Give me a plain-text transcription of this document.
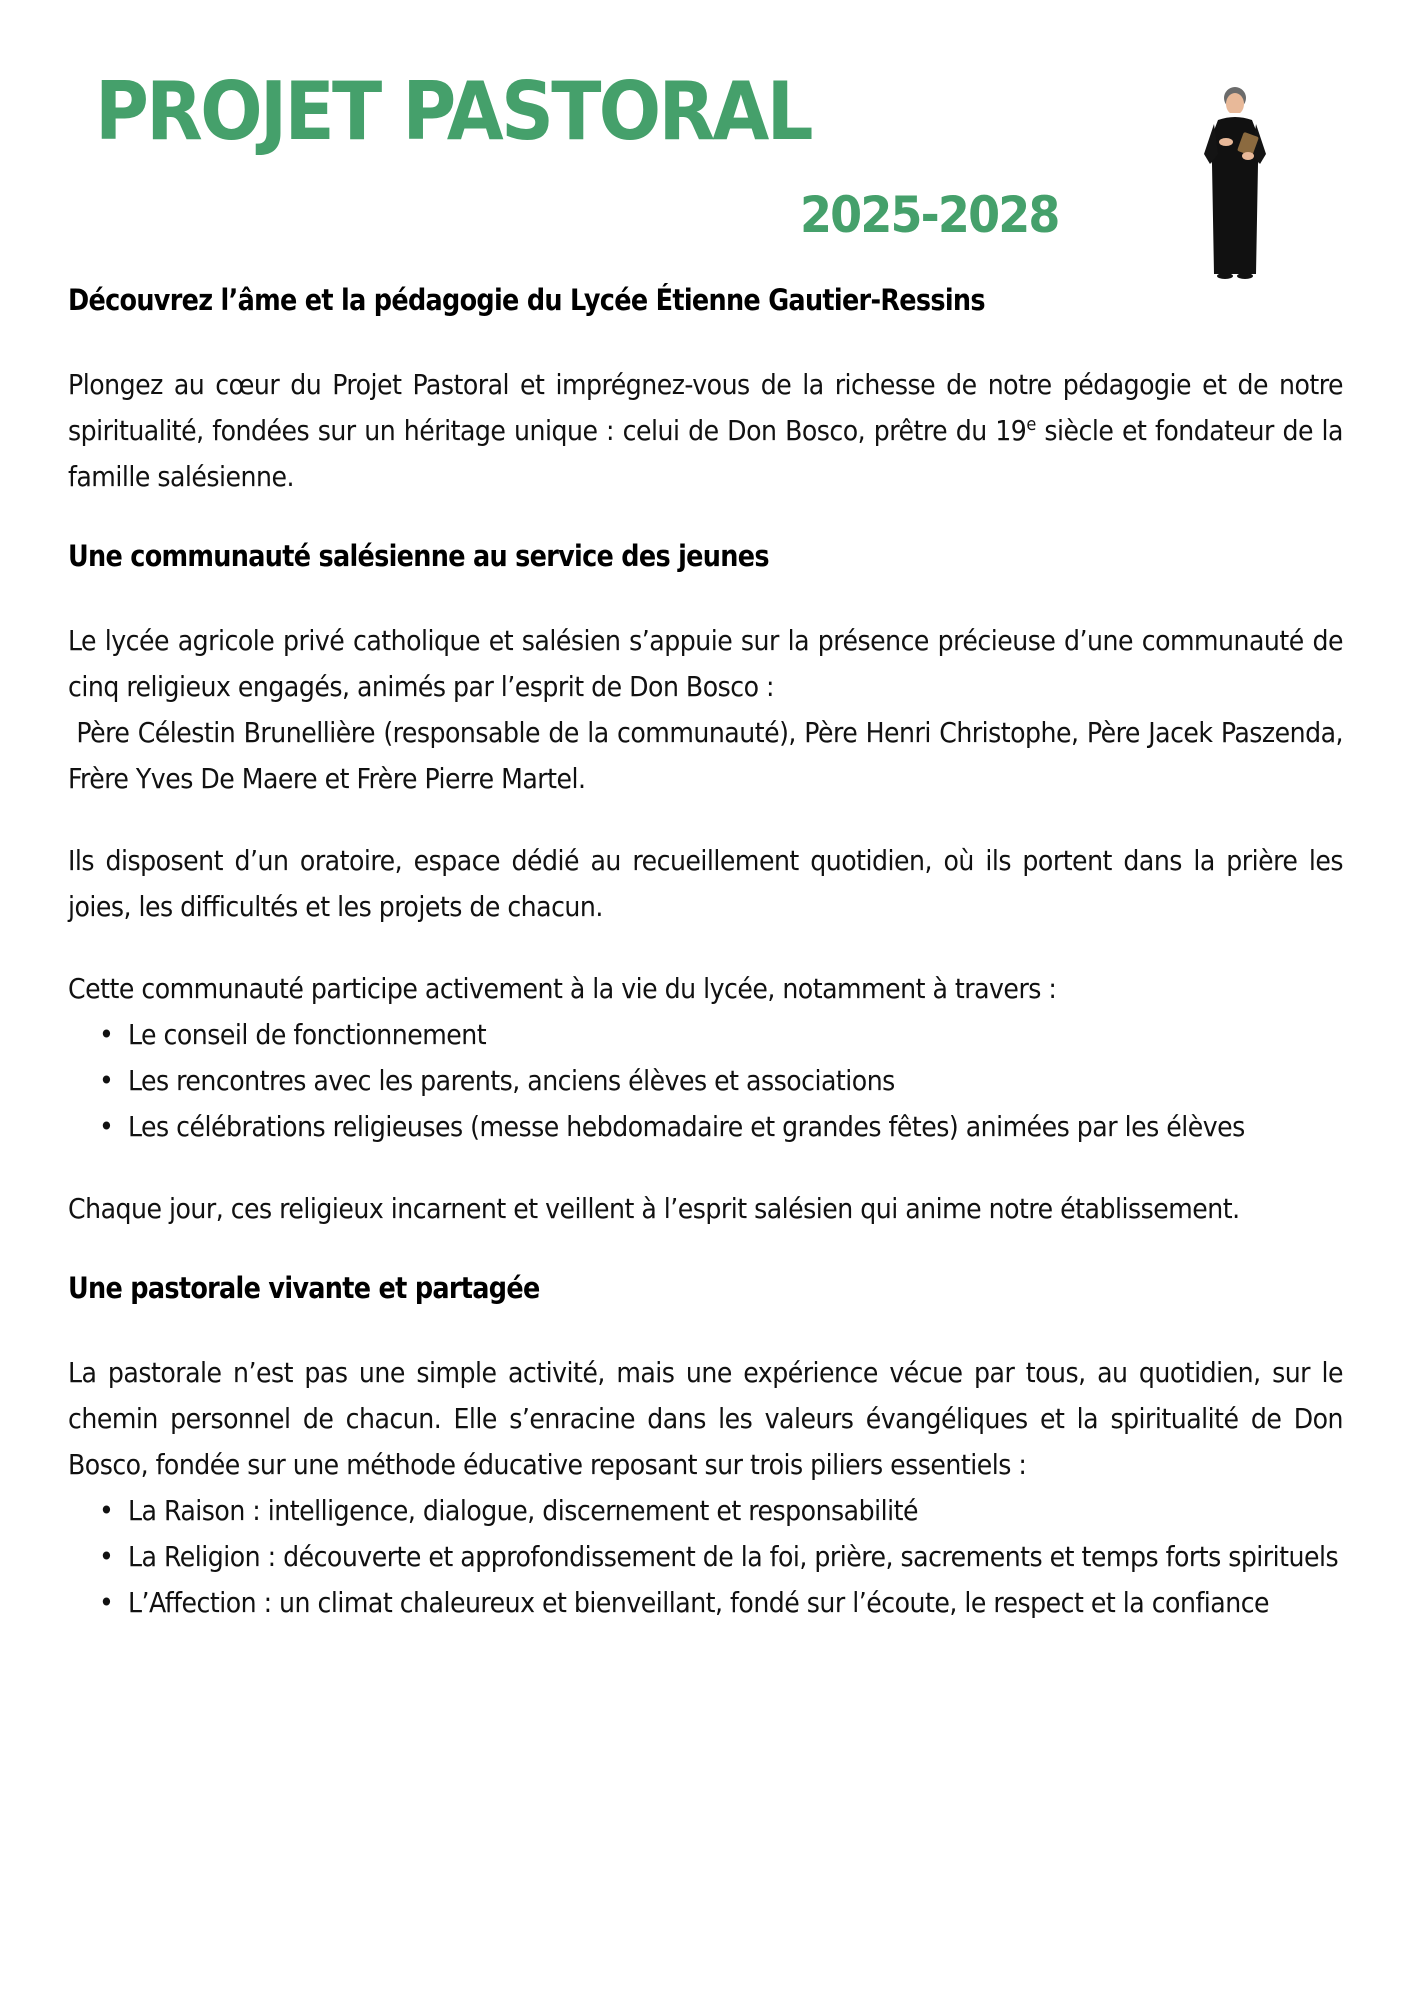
PROJET PASTORAL
2025-2028
Découvrez l’âme et la pédagogie du Lycée Étienne Gautier-Ressins

Plongez au cœur du Projet Pastoral et imprégnez-vous de la richesse de notre pédagogie et de notre spiritualité, fondées sur un héritage unique : celui de Don Bosco, prêtre du 19e siècle et fondateur de la famille salésienne.

Une communauté salésienne au service des jeunes

Le lycée agricole privé catholique et salésien s’appuie sur la présence précieuse d’une communauté de cinq religieux engagés, animés par l’esprit de Don Bosco :

Père Célestin Brunellière (responsable de la communauté), Père Henri Christophe, Père Jacek Paszenda, Frère Yves De Maere et Frère Pierre Martel.

Ils disposent d’un oratoire, espace dédié au recueillement quotidien, où ils portent dans la prière les joies, les difficultés et les projets de chacun.

Cette communauté participe activement à la vie du lycée, notamment à travers :

• Le conseil de fonctionnement
• Les rencontres avec les parents, anciens élèves et associations
• Les célébrations religieuses (messe hebdomadaire et grandes fêtes) animées par les élèves

Chaque jour, ces religieux incarnent et veillent à l’esprit salésien qui anime notre établissement.

Une pastorale vivante et partagée

La pastorale n’est pas une simple activité, mais une expérience vécue par tous, au quotidien, sur le chemin personnel de chacun. Elle s’enracine dans les valeurs évangéliques et la spiritualité de Don Bosco, fondée sur une méthode éducative reposant sur trois piliers essentiels :

• La Raison : intelligence, dialogue, discernement et responsabilité
• La Religion : découverte et approfondissement de la foi, prière, sacrements et temps forts spirituels
• L’Affection : un climat chaleureux et bienveillant, fondé sur l’écoute, le respect et la confiance
